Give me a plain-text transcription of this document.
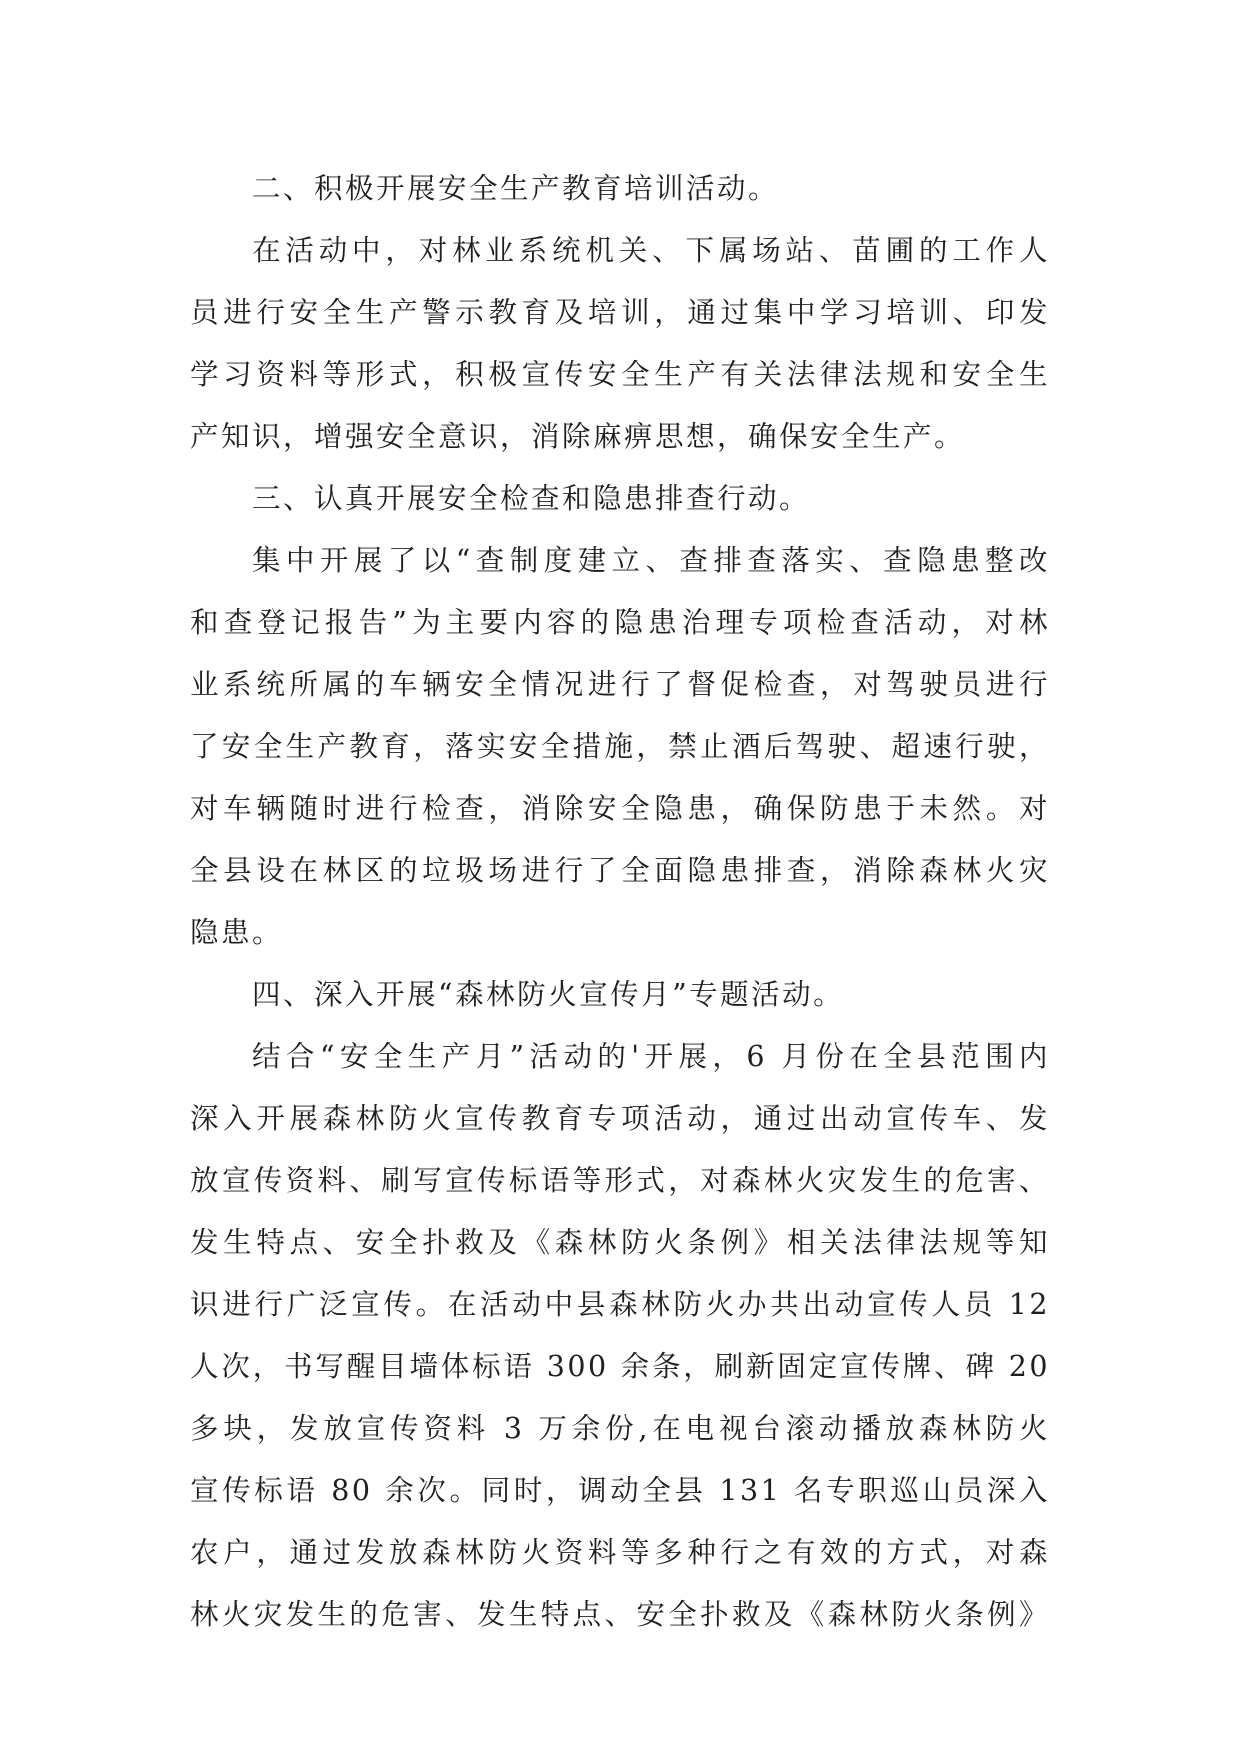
二、积极开展安全生产教育培训活动。
在活动中，对林业系统机关、下属场站、苗圃的工作人
员进行安全生产警示教育及培训，通过集中学习培训、印发
学习资料等形式，积极宣传安全生产有关法律法规和安全生
产知识，增强安全意识，消除麻痹思想，确保安全生产。
三、认真开展安全检查和隐患排查行动。
集中开展了以“查制度建立、查排查落实、查隐患整改
和查登记报告”为主要内容的隐患治理专项检查活动，对林
业系统所属的车辆安全情况进行了督促检查，对驾驶员进行
了安全生产教育，落实安全措施，禁止酒后驾驶、超速行驶，
对车辆随时进行检查，消除安全隐患，确保防患于未然。对
全县设在林区的垃圾场进行了全面隐患排查，消除森林火灾
隐患。
四、深入开展“森林防火宣传月”专题活动。
结合“安全生产月”活动的'开展，6 月份在全县范围内
深入开展森林防火宣传教育专项活动，通过出动宣传车、发
放宣传资料、刷写宣传标语等形式，对森林火灾发生的危害、
发生特点、安全扑救及《森林防火条例》相关法律法规等知
识进行广泛宣传。在活动中县森林防火办共出动宣传人员 12
人次，书写醒目墙体标语 300 余条，刷新固定宣传牌、碑 20
多块，发放宣传资料 3 万余份,在电视台滚动播放森林防火
宣传标语 80 余次。同时，调动全县 131 名专职巡山员深入
农户，通过发放森林防火资料等多种行之有效的方式，对森
林火灾发生的危害、发生特点、安全扑救及《森林防火条例》
